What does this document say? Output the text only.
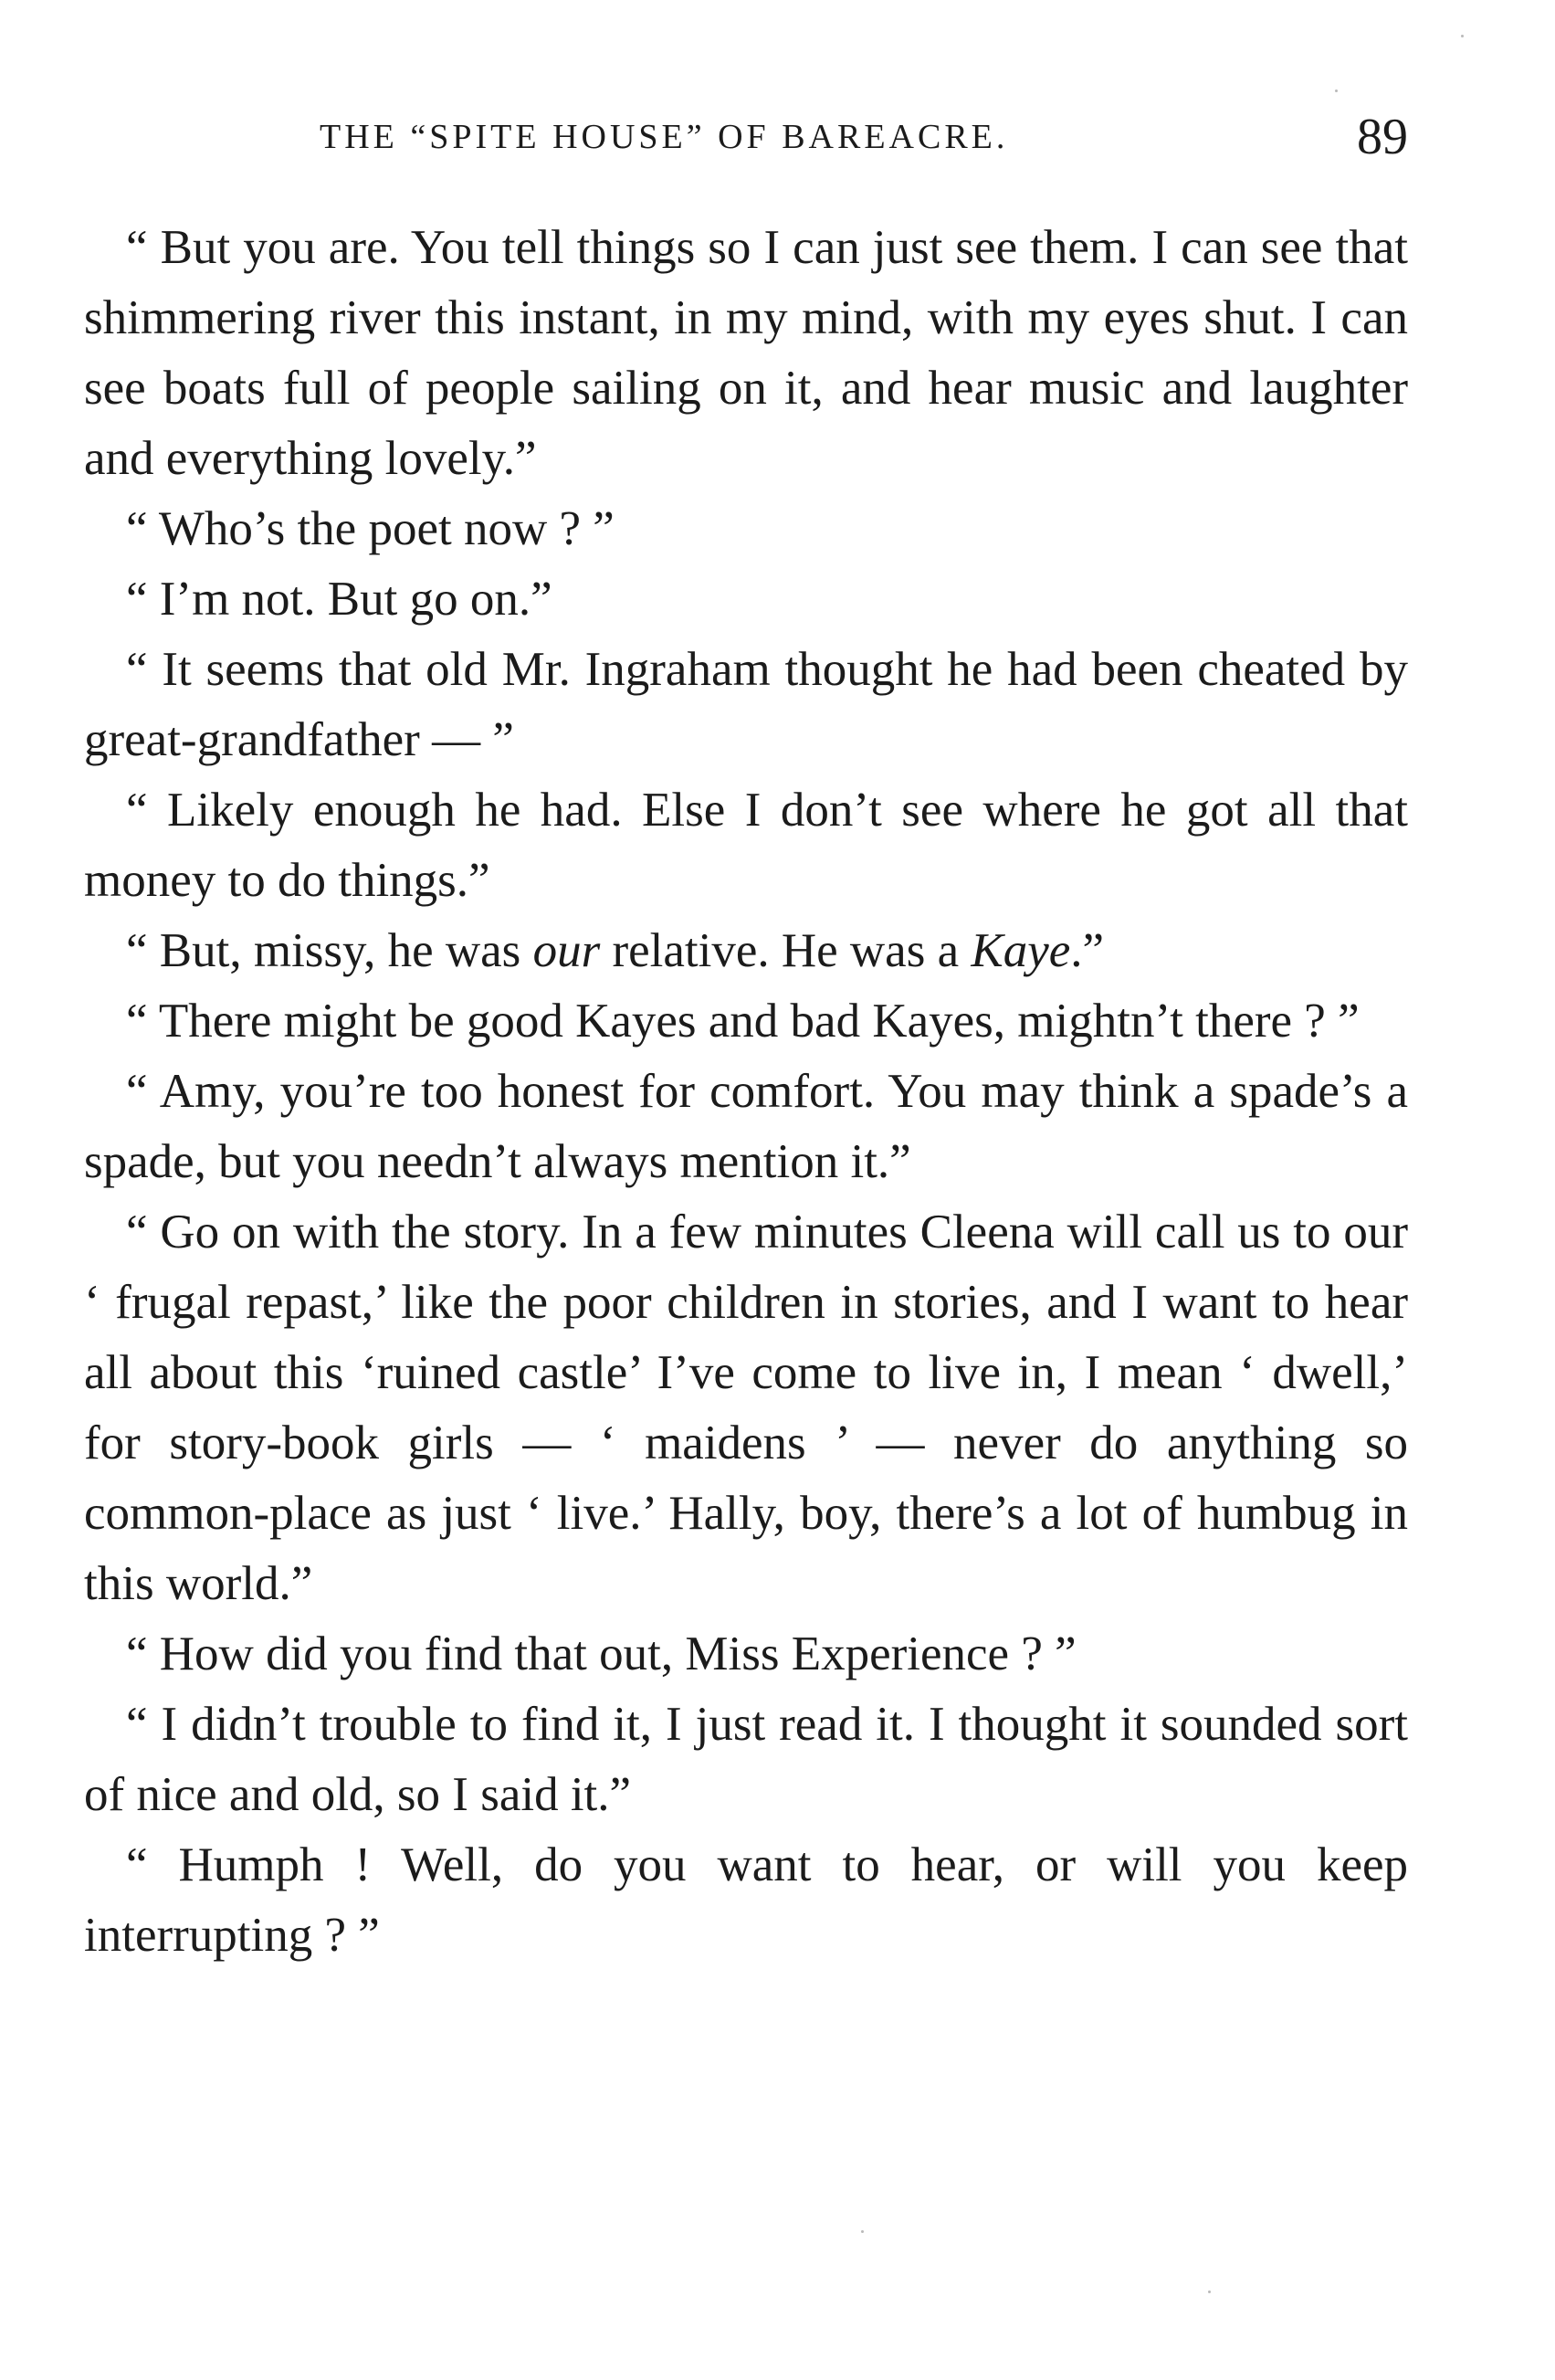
THE “SPITE HOUSE” OF BAREACRE.	89

“ But you are. You tell things so I can just see them. I can see that shimmering river this instant, in my mind, with my eyes shut. I can see boats full of people sailing on it, and hear music and laughter and everything lovely.”

“ Who’s the poet now ? ”

“ I’m not. But go on.”

“ It seems that old Mr. Ingraham thought he had been cheated by great-grandfather — ”

“ Likely enough he had. Else I don’t see where he got all that money to do things.”

“ But, missy, he was our relative. He was a Kaye.”

“ There might be good Kayes and bad Kayes, mightn’t there ? ”

“ Amy, you’re too honest for comfort. You may think a spade’s a spade, but you needn’t always mention it.”

“ Go on with the story. In a few minutes Cleena will call us to our ‘ frugal repast,’ like the poor children in stories, and I want to hear all about this ‘ruined castle’ I’ve come to live in, I mean ‘ dwell,’ for story-book girls — ‘ maidens ’ — never do anything so common-place as just ‘ live.’ Hally, boy, there’s a lot of humbug in this world.”

“ How did you find that out, Miss Experience ? ”

“ I didn’t trouble to find it, I just read it. I thought it sounded sort of nice and old, so I said it.”

“ Humph ! Well, do you want to hear, or will you keep interrupting ? ”
